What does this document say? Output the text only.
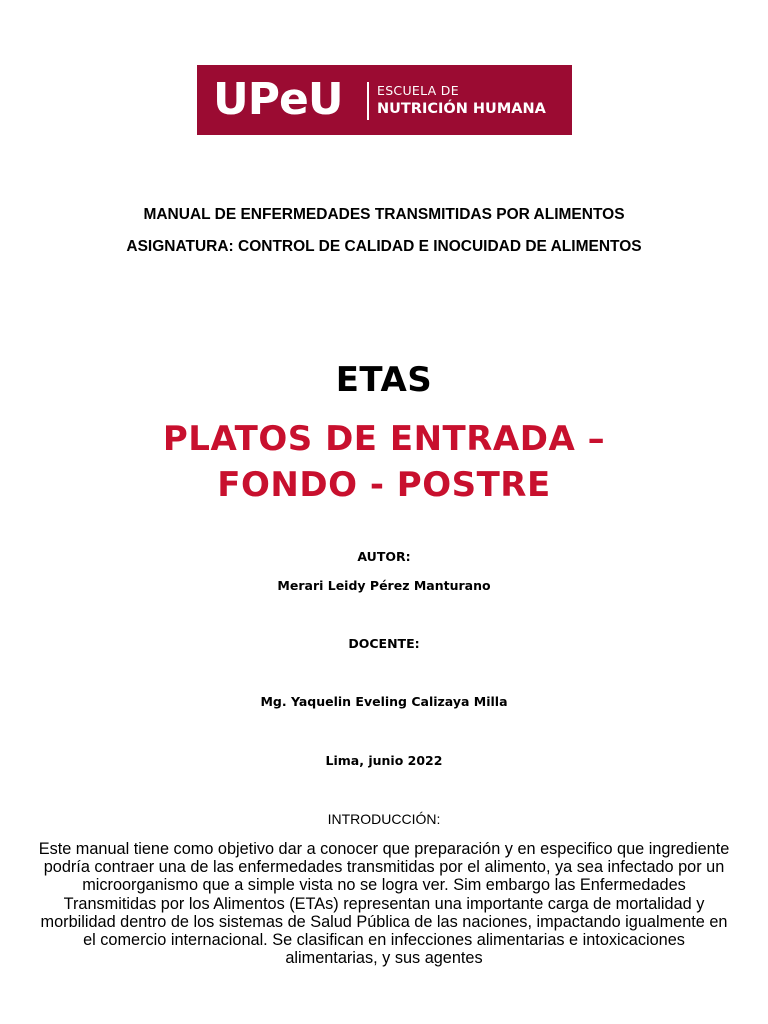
UPeU	ESCUELA DE
NUTRICIÓN HUMANA
MANUAL DE ENFERMEDADES TRANSMITIDAS POR ALIMENTOS
ASIGNATURA: CONTROL DE CALIDAD E INOCUIDAD DE ALIMENTOS
ETAS
PLATOS DE ENTRADA –
FONDO - POSTRE
AUTOR:
Merari Leidy Pérez Manturano
DOCENTE:
Mg. Yaquelin Eveling Calizaya Milla
Lima, junio 2022
INTRODUCCIÓN:
Este manual tiene como objetivo dar a conocer que preparación y en especifico que ingrediente podría contraer una de las enfermedades transmitidas por el alimento, ya sea infectado por un microorganismo que a simple vista no se logra ver. Sim embargo las Enfermedades Transmitidas por los Alimentos (ETAs) representan una importante carga de mortalidad y morbilidad dentro de los sistemas de Salud Pública de las naciones, impactando igualmente en el comercio internacional. Se clasifican en infecciones alimentarias e intoxicaciones alimentarias, y sus agentes
